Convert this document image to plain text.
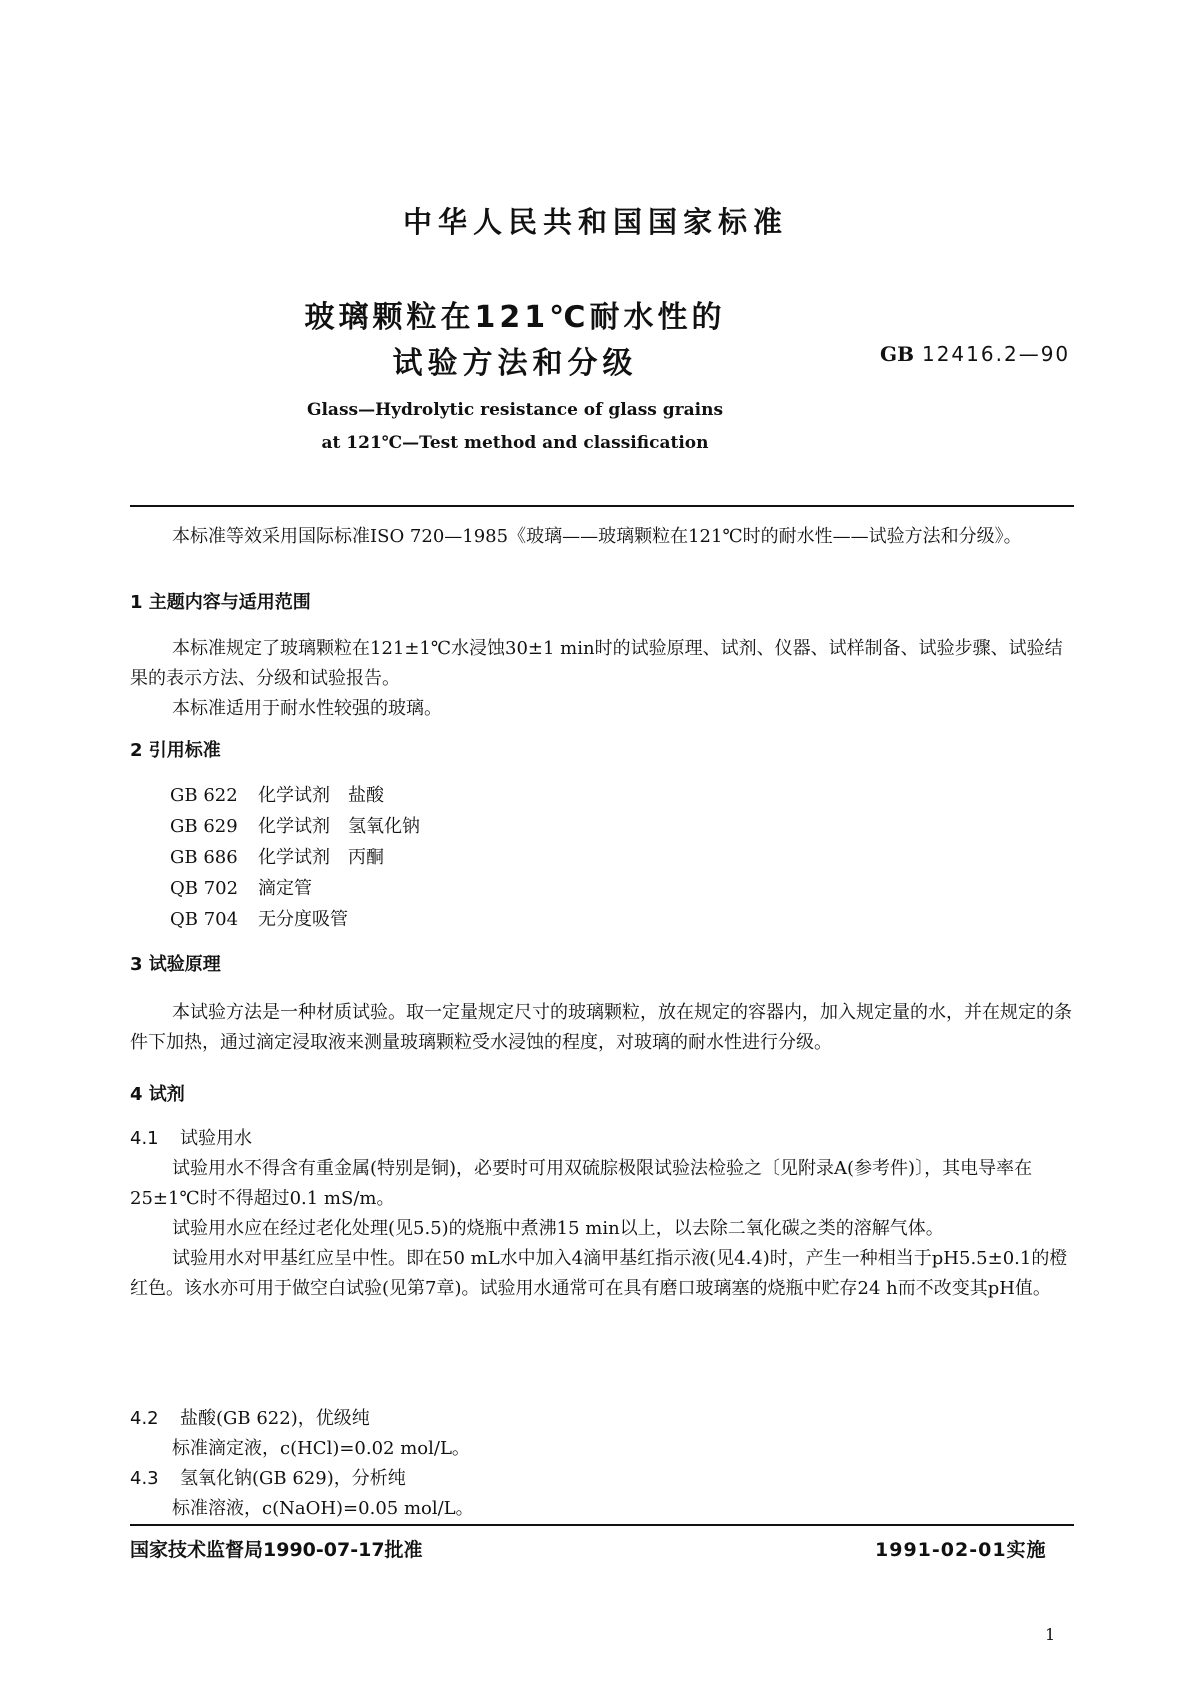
中华人民共和国国家标准
玻璃颗粒在121℃耐水性的
试验方法和分级	GB 12416.2—90
Glass—Hydrolytic resistance of glass grains
at 121℃—Test method and classification

本标准等效采用国际标准ISO 720—1985《玻璃——玻璃颗粒在121℃时的耐水性——试验方法和分级》。

1 主题内容与适用范围

本标准规定了玻璃颗粒在121±1℃水浸蚀30±1 min时的试验原理、试剂、仪器、试样制备、试验步骤、试验结果的表示方法、分级和试验报告。

本标准适用于耐水性较强的玻璃。

2 引用标准
GB 622 化学试剂 盐酸
GB 629 化学试剂 氢氧化钠
GB 686 化学试剂 丙酮
QB 702 滴定管
QB 704 无分度吸管
3 试验原理

本试验方法是一种材质试验。取一定量规定尺寸的玻璃颗粒，放在规定的容器内，加入规定量的水，并在规定的条件下加热，通过滴定浸取液来测量玻璃颗粒受水浸蚀的程度，对玻璃的耐水性进行分级。

4 试剂
4.1 试验用水

试验用水不得含有重金属(特别是铜)，必要时可用双硫腙极限试验法检验之〔见附录A(参考件)〕，其电导率在25±1℃时不得超过0.1 mS/m。

试验用水应在经过老化处理(见5.5)的烧瓶中煮沸15 min以上，以去除二氧化碳之类的溶解气体。

试验用水对甲基红应呈中性。即在50 mL水中加入4滴甲基红指示液(见4.4)时，产生一种相当于pH5.5±0.1的橙红色。该水亦可用于做空白试验(见第7章)。试验用水通常可在具有磨口玻璃塞的烧瓶中贮存24 h而不改变其pH值。

4.2 盐酸(GB 622)，优级纯
标准滴定液，c(HCl)=0.02 mol/L。
4.3 氢氧化钠(GB 629)，分析纯
标准溶液，c(NaOH)=0.05 mol/L。
国家技术监督局1990-07-17批准	1991-02-01实施
1
